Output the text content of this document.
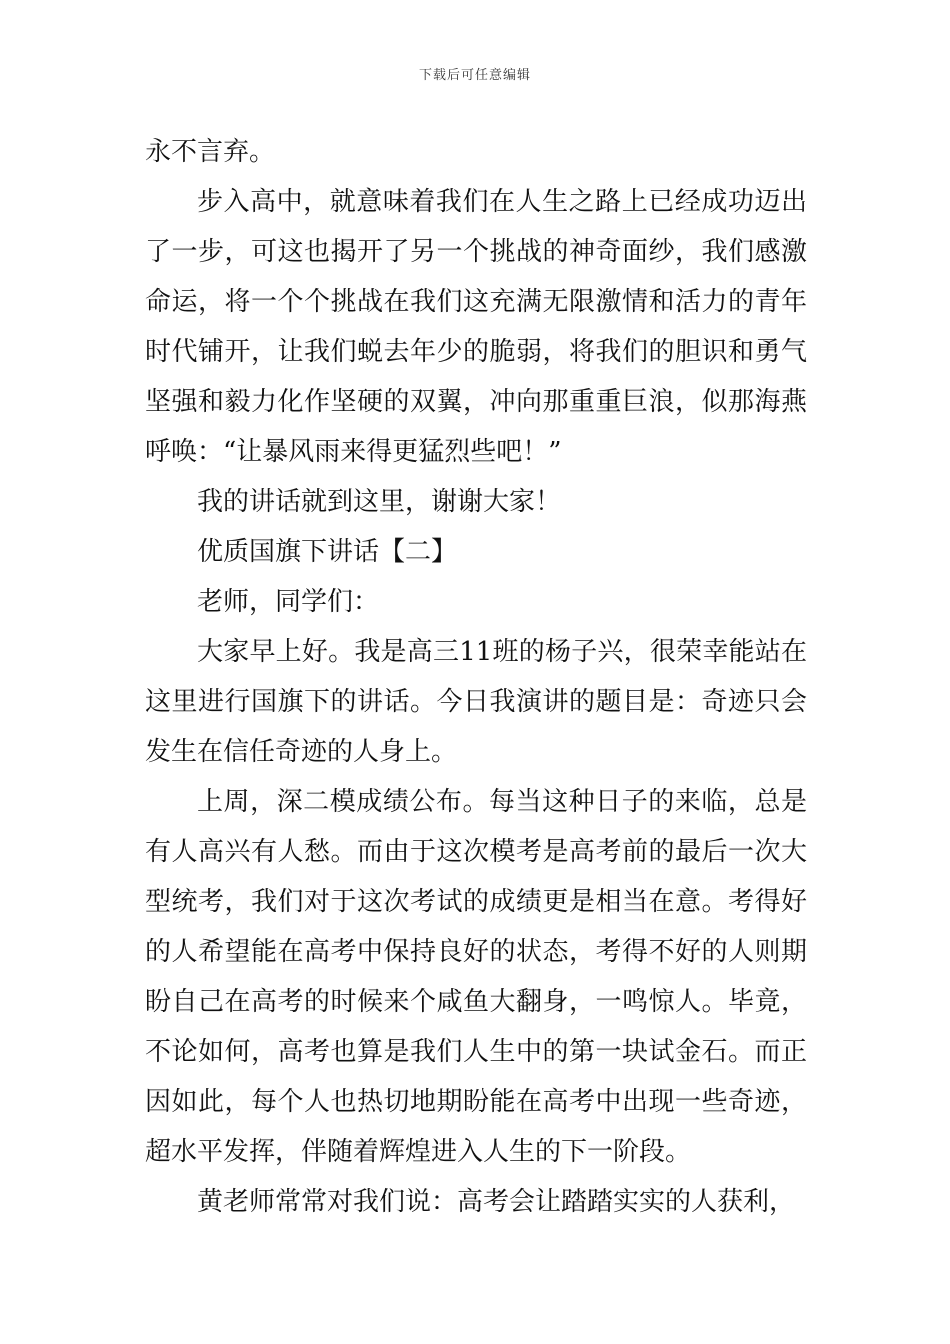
下载后可任意编辑

永不言弃。

步入高中，就意味着我们在人生之路上已经成功迈出了一步，可这也揭开了另一个挑战的神奇面纱，我们感激命运，将一个个挑战在我们这充满无限激情和活力的青年时代铺开，让我们蜕去年少的脆弱，将我们的胆识和勇气坚强和毅力化作坚硬的双翼，冲向那重重巨浪，似那海燕呼唤：“让暴风雨来得更猛烈些吧！”

我的讲话就到这里，谢谢大家！

优质国旗下讲话【二】

老师，同学们：

大家早上好。我是高三11班的杨子兴，很荣幸能站在这里进行国旗下的讲话。今日我演讲的题目是：奇迹只会发生在信任奇迹的人身上。

上周，深二模成绩公布。每当这种日子的来临，总是有人高兴有人愁。而由于这次模考是高考前的最后一次大型统考，我们对于这次考试的成绩更是相当在意。考得好的人希望能在高考中保持良好的状态，考得不好的人则期盼自己在高考的时候来个咸鱼大翻身，一鸣惊人。毕竟，不论如何，高考也算是我们人生中的第一块试金石。而正因如此，每个人也热切地期盼能在高考中出现一些奇迹，超水平发挥，伴随着辉煌进入人生的下一阶段。

黄老师常常对我们说：高考会让踏踏实实的人获利，
